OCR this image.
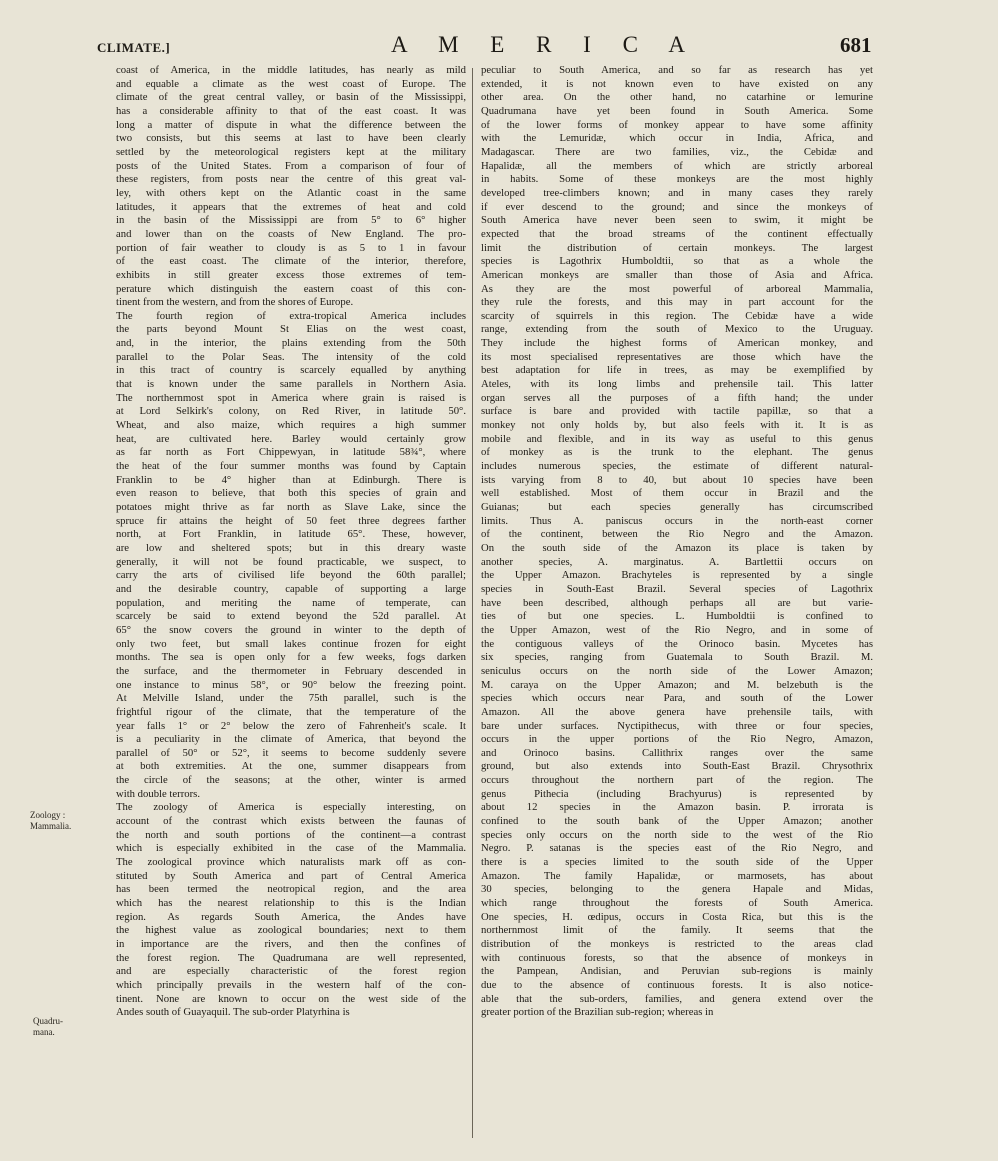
CLIMATE.]	A M E R I C A	681
Zoology :
Mammalia.
Quadru-
mana.
coast of America, in the middle latitudes, has nearly as mild
and equable a climate as the west coast of Europe. The
climate of the great central valley, or basin of the Mississippi,
has a considerable affinity to that of the east coast. It was
long a matter of dispute in what the difference between the
two consists, but this seems at last to have been clearly
settled by the meteorological registers kept at the military
posts of the United States. From a comparison of four of
these registers, from posts near the centre of this great val-
ley, with others kept on the Atlantic coast in the same
latitudes, it appears that the extremes of heat and cold
in the basin of the Mississippi are from 5° to 6° higher
and lower than on the coasts of New England. The pro-
portion of fair weather to cloudy is as 5 to 1 in favour
of the east coast. The climate of the interior, therefore,
exhibits in still greater excess those extremes of tem-
perature which distinguish the eastern coast of this con-
tinent from the western, and from the shores of Europe.
The fourth region of extra-tropical America includes
the parts beyond Mount St Elias on the west coast,
and, in the interior, the plains extending from the 50th
parallel to the Polar Seas. The intensity of the cold
in this tract of country is scarcely equalled by anything
that is known under the same parallels in Northern Asia.
The northernmost spot in America where grain is raised is
at Lord Selkirk's colony, on Red River, in latitude 50°.
Wheat, and also maize, which requires a high summer
heat, are cultivated here. Barley would certainly grow
as far north as Fort Chippewyan, in latitude 58¾°, where
the heat of the four summer months was found by Captain
Franklin to be 4° higher than at Edinburgh. There is
even reason to believe, that both this species of grain and
potatoes might thrive as far north as Slave Lake, since the
spruce fir attains the height of 50 feet three degrees farther
north, at Fort Franklin, in latitude 65°. These, however,
are low and sheltered spots; but in this dreary waste
generally, it will not be found practicable, we suspect, to
carry the arts of civilised life beyond the 60th parallel;
and the desirable country, capable of supporting a large
population, and meriting the name of temperate, can
scarcely be said to extend beyond the 52d parallel. At
65° the snow covers the ground in winter to the depth of
only two feet, but small lakes continue frozen for eight
months. The sea is open only for a few weeks, fogs darken
the surface, and the thermometer in February descended in
one instance to minus 58°, or 90° below the freezing point.
At Melville Island, under the 75th parallel, such is the
frightful rigour of the climate, that the temperature of the
year falls 1° or 2° below the zero of Fahrenheit's scale. It
is a peculiarity in the climate of America, that beyond the
parallel of 50° or 52°, it seems to become suddenly severe
at both extremities. At the one, summer disappears from
the circle of the seasons; at the other, winter is armed
with double terrors.
The zoology of America is especially interesting, on
account of the contrast which exists between the faunas of
the north and south portions of the continent—a contrast
which is especially exhibited in the case of the Mammalia.
The zoological province which naturalists mark off as con-
stituted by South America and part of Central America
has been termed the neotropical region, and the area
which has the nearest relationship to this is the Indian
region. As regards South America, the Andes have
the highest value as zoological boundaries; next to them
in importance are the rivers, and then the confines of
the forest region. The Quadrumana are well represented,
and are especially characteristic of the forest region
which principally prevails in the western half of the con-
tinent. None are known to occur on the west side of the
Andes south of Guayaquil. The sub-order Platyrhina is
peculiar to South America, and so far as research has yet
extended, it is not known even to have existed on any
other area. On the other hand, no catarhine or lemurine
Quadrumana have yet been found in South America. Some
of the lower forms of monkey appear to have some affinity
with the Lemuridæ, which occur in India, Africa, and
Madagascar. There are two families, viz., the Cebidæ and
Hapalidæ, all the members of which are strictly arboreal
in habits. Some of these monkeys are the most highly
developed tree-climbers known; and in many cases they rarely
if ever descend to the ground; and since the monkeys of
South America have never been seen to swim, it might be
expected that the broad streams of the continent effectually
limit the distribution of certain monkeys. The largest
species is Lagothrix Humboldtii, so that as a whole the
American monkeys are smaller than those of Asia and Africa.
As they are the most powerful of arboreal Mammalia,
they rule the forests, and this may in part account for the
scarcity of squirrels in this region. The Cebidæ have a wide
range, extending from the south of Mexico to the Uruguay.
They include the highest forms of American monkey, and
its most specialised representatives are those which have the
best adaptation for life in trees, as may be exemplified by
Ateles, with its long limbs and prehensile tail. This latter
organ serves all the purposes of a fifth hand; the under
surface is bare and provided with tactile papillæ, so that a
monkey not only holds by, but also feels with it. It is as
mobile and flexible, and in its way as useful to this genus
of monkey as is the trunk to the elephant. The genus
includes numerous species, the estimate of different natural-
ists varying from 8 to 40, but about 10 species have been
well established. Most of them occur in Brazil and the
Guianas; but each species generally has circumscribed
limits. Thus A. paniscus occurs in the north-east corner
of the continent, between the Rio Negro and the Amazon.
On the south side of the Amazon its place is taken by
another species, A. marginatus. A. Bartlettii occurs on
the Upper Amazon. Brachyteles is represented by a single
species in South-East Brazil. Several species of Lagothrix
have been described, although perhaps all are but varie-
ties of but one species. L. Humboldtii is confined to
the Upper Amazon, west of the Rio Negro, and in some of
the contiguous valleys of the Orinoco basin. Mycetes has
six species, ranging from Guatemala to South Brazil. M.
seniculus occurs on the north side of the Lower Amazon;
M. caraya on the Upper Amazon; and M. belzebuth is the
species which occurs near Para, and south of the Lower
Amazon. All the above genera have prehensile tails, with
bare under surfaces. Nyctipithecus, with three or four species,
occurs in the upper portions of the Rio Negro, Amazon,
and Orinoco basins. Callithrix ranges over the same
ground, but also extends into South-East Brazil. Chrysothrix
occurs throughout the northern part of the region. The
genus Pithecia (including Brachyurus) is represented by
about 12 species in the Amazon basin. P. irrorata is
confined to the south bank of the Upper Amazon; another
species only occurs on the north side to the west of the Rio
Negro. P. satanas is the species east of the Rio Negro, and
there is a species limited to the south side of the Upper
Amazon. The family Hapalidæ, or marmosets, has about
30 species, belonging to the genera Hapale and Midas,
which range throughout the forests of South America.
One species, H. œdipus, occurs in Costa Rica, but this is the
northernmost limit of the family. It seems that the
distribution of the monkeys is restricted to the areas clad
with continuous forests, so that the absence of monkeys in
the Pampean, Andisian, and Peruvian sub-regions is mainly
due to the absence of continuous forests. It is also notice-
able that the sub-orders, families, and genera extend over the
greater portion of the Brazilian sub-region; whereas in
